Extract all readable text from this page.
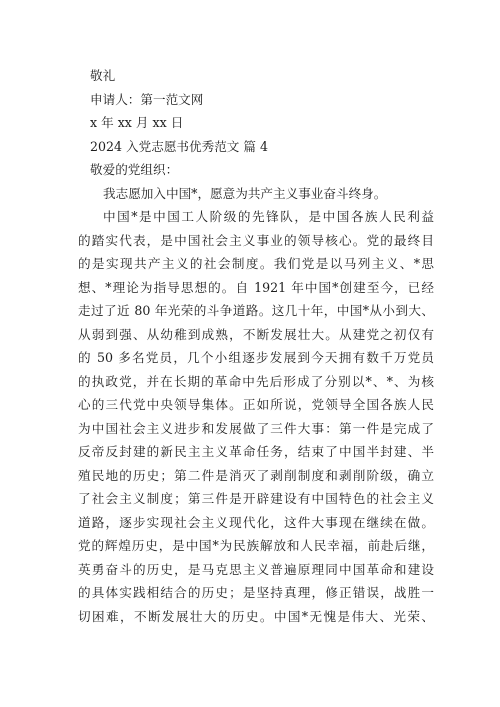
敬礼
申请人：第一范文网
x 年 xx 月 xx 日
2024 入党志愿书优秀范文 篇 4
敬爱的党组织：
我志愿加入中国*，愿意为共产主义事业奋斗终身。
中国*是中国工人阶级的先锋队，是中国各族人民利益
的踏实代表，是中国社会主义事业的领导核心。党的最终目
的是实现共产主义的社会制度。我们党是以马列主义、*思
想、*理论为指导思想的。自 1921 年中国*创建至今，已经
走过了近 80 年光荣的斗争道路。这几十年，中国*从小到大、
从弱到强、从幼稚到成熟，不断发展壮大。从建党之初仅有
的 50 多名党员，几个小组逐步发展到今天拥有数千万党员
的执政党，并在长期的革命中先后形成了分别以*、*、为核
心的三代党中央领导集体。正如所说，党领导全国各族人民
为中国社会主义进步和发展做了三件大事：第一件是完成了
反帝反封建的新民主主义革命任务，结束了中国半封建、半
殖民地的历史；第二件是消灭了剥削制度和剥削阶级，确立
了社会主义制度；第三件是开辟建设有中国特色的社会主义
道路，逐步实现社会主义现代化，这件大事现在继续在做。
党的辉煌历史，是中国*为民族解放和人民幸福，前赴后继，
英勇奋斗的历史，是马克思主义普遍原理同中国革命和建设
的具体实践相结合的历史；是坚持真理，修正错误，战胜一
切困难，不断发展壮大的历史。中国*无愧是伟大、光荣、
